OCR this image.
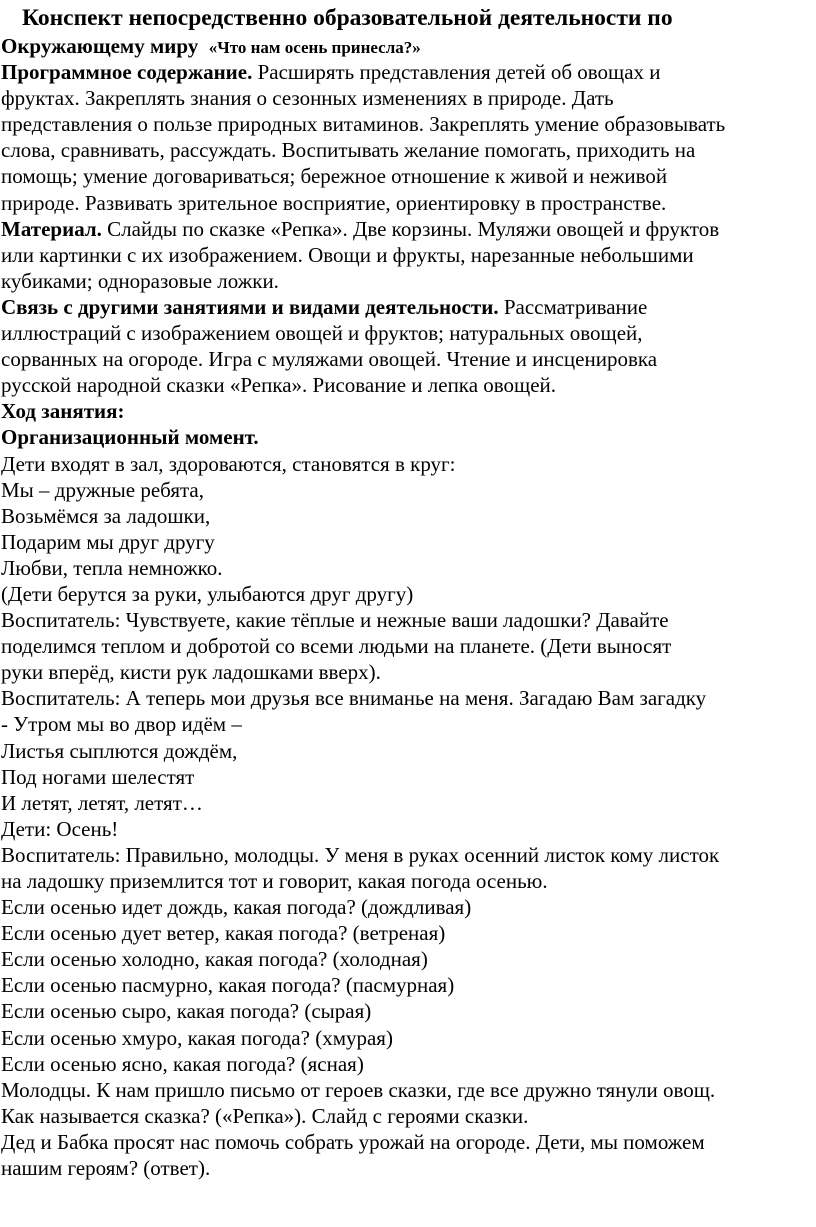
Конспект непосредственно образовательной деятельности по
Окружающему миру «Что нам осень принесла?»
Программное содержание. Расширять представления детей об овощах и
фруктах. Закреплять знания о сезонных изменениях в природе. Дать
представления о пользе природных витаминов. Закреплять умение образовывать
слова, сравнивать, рассуждать. Воспитывать желание помогать, приходить на
помощь; умение договариваться; бережное отношение к живой и неживой
природе. Развивать зрительное восприятие, ориентировку в пространстве.
Материал. Слайды по сказке «Репка». Две корзины. Муляжи овощей и фруктов
или картинки с их изображением. Овощи и фрукты, нарезанные небольшими
кубиками; одноразовые ложки.
Связь с другими занятиями и видами деятельности. Рассматривание
иллюстраций с изображением овощей и фруктов; натуральных овощей,
сорванных на огороде. Игра с муляжами овощей. Чтение и инсценировка
русской народной сказки «Репка». Рисование и лепка овощей.
Ход занятия:
Организационный момент.
Дети входят в зал, здороваются, становятся в круг:
Мы – дружные ребята,
Возьмёмся за ладошки,
Подарим мы друг другу
Любви, тепла немножко.
(Дети берутся за руки, улыбаются друг другу)
Воспитатель: Чувствуете, какие тёплые и нежные ваши ладошки? Давайте
поделимся теплом и добротой со всеми людьми на планете. (Дети выносят
руки вперёд, кисти рук ладошками вверх).
Воспитатель: А теперь мои друзья все вниманье на меня. Загадаю Вам загадку
- Утром мы во двор идём –
Листья сыплются дождём,
Под ногами шелестят
И летят, летят, летят…
Дети: Осень!
Воспитатель: Правильно, молодцы. У меня в руках осенний листок кому листок
на ладошку приземлится тот и говорит, какая погода осенью.
Если осенью идет дождь, какая погода? (дождливая)
Если осенью дует ветер, какая погода? (ветреная)
Если осенью холодно, какая погода? (холодная)
Если осенью пасмурно, какая погода? (пасмурная)
Если осенью сыро, какая погода? (сырая)
Если осенью хмуро, какая погода? (хмурая)
Если осенью ясно, какая погода? (ясная)
Молодцы. К нам пришло письмо от героев сказки, где все дружно тянули овощ.
Как называется сказка? («Репка»). Слайд с героями сказки.
Дед и Бабка просят нас помочь собрать урожай на огороде. Дети, мы поможем
нашим героям? (ответ).
